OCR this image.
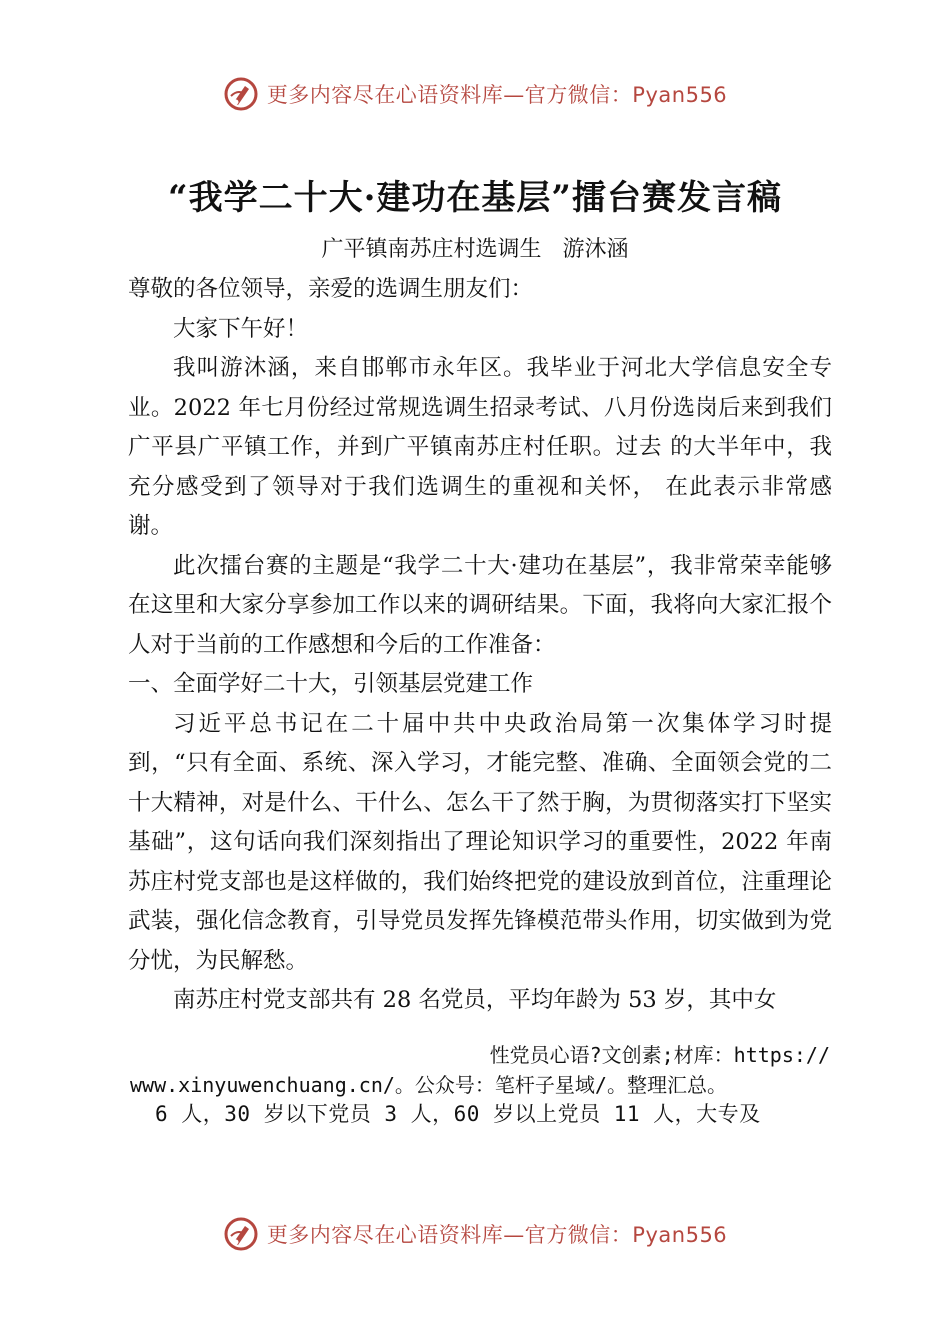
更多内容尽在心语资料库—官方微信：Pyan556
“我学二十大·建功在基层”擂台赛发言稿
广平镇南苏庄村选调生   游沐涵

尊敬的各位领导，亲爱的选调生朋友们：

大家下午好！

我叫游沐涵，来自邯郸市永年区。我毕业于河北大学信息安全专业。2022 年七月份经过常规选调生招录考试、八月份选岗后来到我们广平县广平镇工作，并到广平镇南苏庄村任职。过去 的大半年中，我充分感受到了领导对于我们选调生的重视和关怀， 在此表示非常感谢。

此次擂台赛的主题是“我学二十大·建功在基层”，我非常荣幸能够在这里和大家分享参加工作以来的调研结果。下面，我将向大家汇报个人对于当前的工作感想和今后的工作准备：

一、全面学好二十大，引领基层党建工作

习近平总书记在二十届中共中央政治局第一次集体学习时提到，“只有全面、系统、深入学习，才能完整、准确、全面领会党的二十大精神，对是什么、干什么、怎么干了然于胸，为贯彻落实打下坚实基础”，这句话向我们深刻指出了理论知识学习的重要性，2022 年南苏庄村党支部也是这样做的，我们始终把党的建设放到首位，注重理论武装，强化信念教育，引导党员发挥先锋模范带头作用，切实做到为党分忧，为民解愁。

南苏庄村党支部共有 28 名党员，平均年龄为 53 岁，其中女

性党员心语?文创素;材库：https://
www.xinyuwenchuang.cn/。公众号：笔杆子星域/。整理汇总。
6 人，30 岁以下党员 3 人，60 岁以上党员 11 人，大专及
更多内容尽在心语资料库—官方微信：Pyan556
